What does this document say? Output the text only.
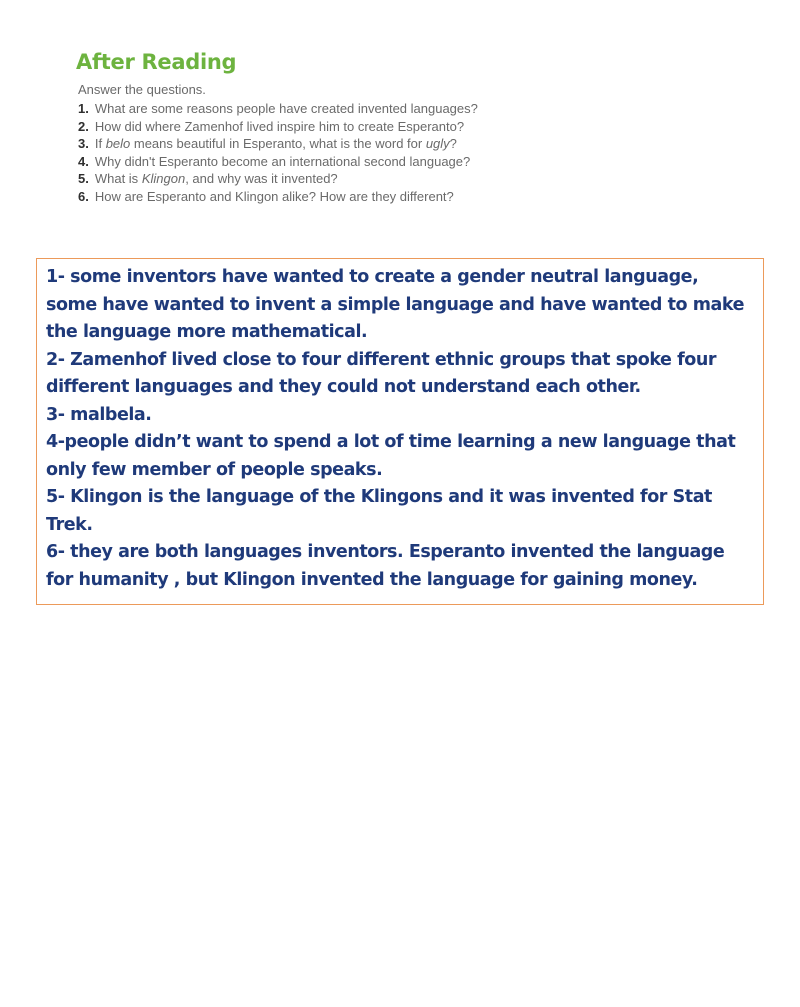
After Reading

Answer the questions.

1. What are some reasons people have created invented languages?
2. How did where Zamenhof lived inspire him to create Esperanto?
3. If belo means beautiful in Esperanto, what is the word for ugly?
4. Why didn't Esperanto become an international second language?
5. What is Klingon, and why was it invented?
6. How are Esperanto and Klingon alike? How are they different?

1- some inventors have wanted to create a gender neutral language,

some have wanted to invent a simple language and have wanted to make

the language more mathematical.

2- Zamenhof lived close to four different ethnic groups that spoke four

different languages and they could not understand each other.

3- malbela.

4-people didn’t want to spend a lot of time learning a new language that

only few member of people speaks.

5- Klingon is the language of the Klingons and it was invented for Stat

Trek.

6- they are both languages inventors. Esperanto invented the language

for humanity , but Klingon invented the language for gaining money.
